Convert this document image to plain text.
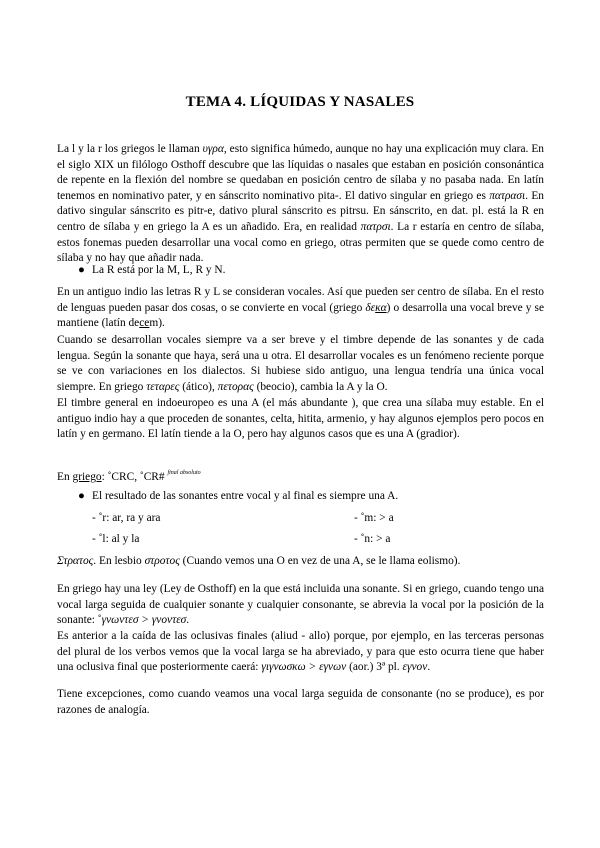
TEMA 4. LÍQUIDAS Y NASALES
La l y la r los griegos le llaman υγρα, esto significa húmedo, aunque no hay una explicación muy clara. En el siglo XIX un filólogo Osthoff descubre que las líquidas o nasales que estaban en posición consonántica de repente en la flexión del nombre se quedaban en posición centro de sílaba y no pasaba nada. En latín tenemos en nominativo pater, y en sánscrito nominativo pita-. El dativo singular en griego es πατρασι. En dativo singular sánscrito es pitr-e, dativo plural sánscrito es pitrsu. En sánscrito, en dat. pl. está la R en centro de sílaba y en griego la A es un añadido. Era, en realidad πατρσι. La r estaría en centro de sílaba, estos fonemas pueden desarrollar una vocal como en griego, otras permiten que se quede como centro de sílaba y no hay que añadir nada.
● La R está por la M, L, R y N.
En un antiguo indio las letras R y L se consideran vocales. Así que pueden ser centro de sílaba. En el resto de lenguas pueden pasar dos cosas, o se convierte en vocal (griego δεκα) o desarrolla una vocal breve y se mantiene (latín decem).
Cuando se desarrollan vocales siempre va a ser breve y el timbre depende de las sonantes y de cada lengua. Según la sonante que haya, será una u otra. El desarrollar vocales es un fenómeno reciente porque se ve con variaciones en los dialectos. Si hubiese sido antiguo, una lengua tendría una única vocal siempre. En griego τεταρες (ático), πετορας (beocio), cambia la A y la O.
El timbre general en indoeuropeo es una A (el más abundante ), que crea una sílaba muy estable. En el antiguo indio hay a que proceden de sonantes, celta, hitita, armenio, y hay algunos ejemplos pero pocos en latín y en germano. El latín tiende a la O, pero hay algunos casos que es una A (gradior).
En griego: ˚CRC, ˚CR# $^{final absoluto}$
● El resultado de las sonantes entre vocal y al final es siempre una A.
- ˚r: ar, ra y ara	- ˚m: > a
- ˚l: al y la	- ˚n: > a
Στρατος. En lesbio στροτος (Cuando vemos una O en vez de una A, se le llama eolismo).
En griego hay una ley (Ley de Osthoff) en la que está incluida una sonante. Si en griego, cuando tengo una vocal larga seguida de cualquier sonante y cualquier consonante, se abrevia la vocal por la posición de la sonante: ˚γνωντεσ > γνοντεσ.
Es anterior a la caída de las oclusivas finales (aliud - allo) porque, por ejemplo, en las terceras personas del plural de los verbos vemos que la vocal larga se ha abreviado, y para que esto ocurra tiene que haber una oclusiva final que posteriormente caerá: γιγνωσκω > εγνων (aor.) 3ª pl. εγνον.
Tiene excepciones, como cuando veamos una vocal larga seguida de consonante (no se produce), es por razones de analogía.
